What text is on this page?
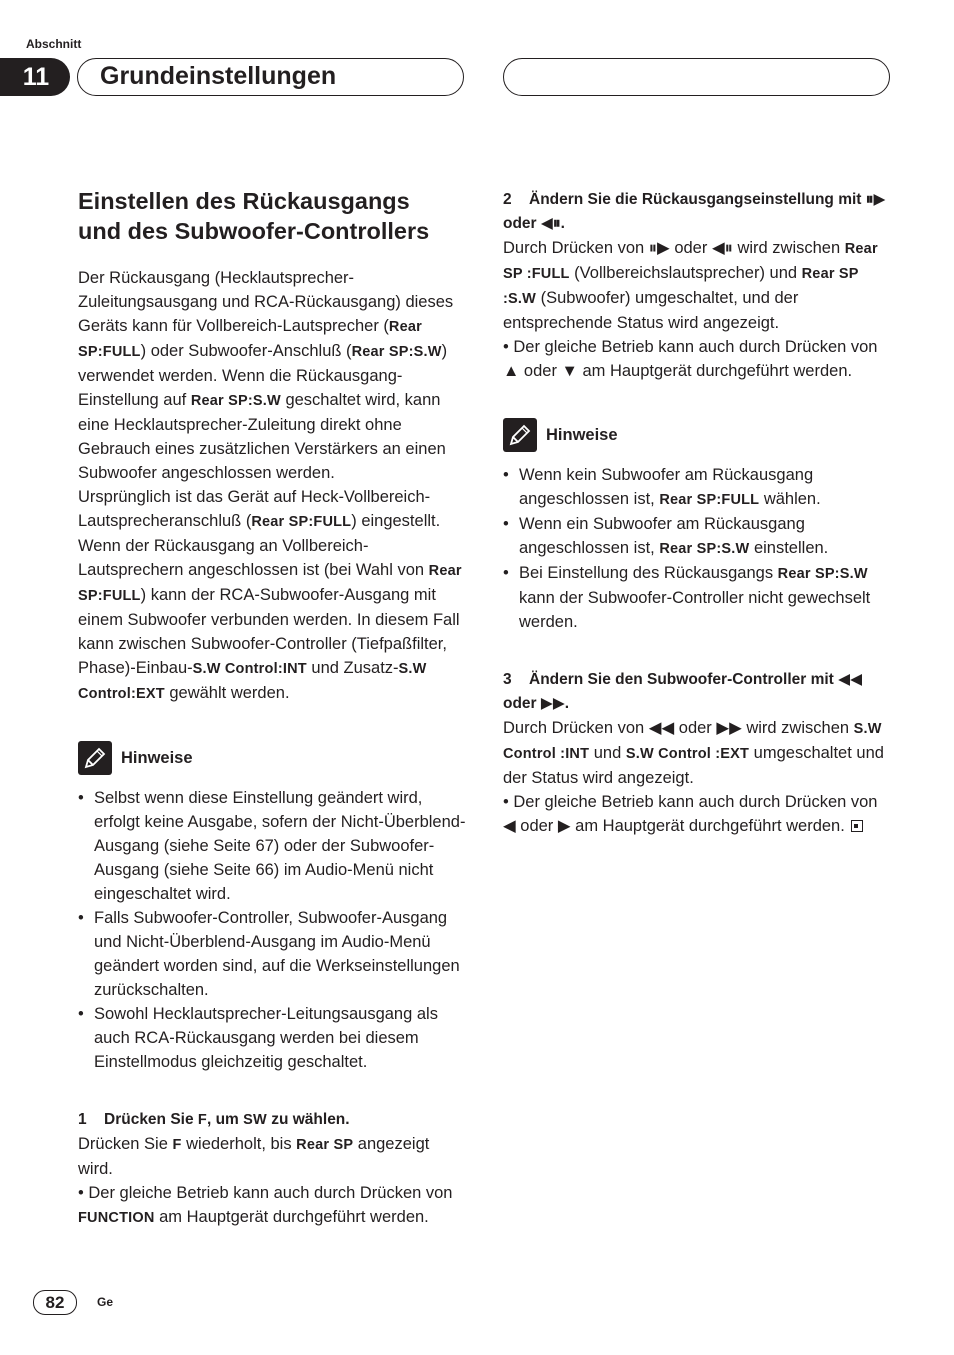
Abschnitt
11	Grundeinstellungen
Einstellen des Rückausgangs
und des Subwoofer-Controllers

Der Rückausgang (Hecklautsprecher-Zuleitungsausgang und RCA-Rückausgang) dieses Geräts kann für Vollbereich-Lautsprecher (Rear SP:FULL) oder Subwoofer-Anschluß (Rear SP:S.W) verwendet werden. Wenn die Rückausgang-Einstellung auf Rear SP:S.W geschaltet wird, kann eine Hecklautsprecher-Zuleitung direkt ohne Gebrauch eines zusätzlichen Verstärkers an einen Subwoofer angeschlossen werden.

Ursprünglich ist das Gerät auf Heck-Vollbereich-Lautsprecheranschluß (Rear SP:FULL) eingestellt. Wenn der Rückausgang an Vollbereich-Lautsprechern angeschlossen ist (bei Wahl von Rear SP:FULL) kann der RCA-Subwoofer-Ausgang mit einem Subwoofer verbunden werden. In diesem Fall kann zwischen Subwoofer-Controller (Tiefpaßfilter, Phase)-Einbau-S.W Control:INT und Zusatz-S.W Control:EXT gewählt werden.

Hinweise
• Selbst wenn diese Einstellung geändert wird, erfolgt keine Ausgabe, sofern der Nicht-Überblend-Ausgang (siehe Seite 67) oder der Subwoofer-Ausgang (siehe Seite 66) im Audio-Menü nicht eingeschaltet wird.
• Falls Subwoofer-Controller, Subwoofer-Ausgang und Nicht-Überblend-Ausgang im Audio-Menü geändert worden sind, auf die Werkseinstellungen zurückschalten.
• Sowohl Hecklautsprecher-Leitungsausgang als auch RCA-Rückausgang werden bei diesem Einstellmodus gleichzeitig geschaltet.
1 Drücken Sie F, um SW zu wählen.

Drücken Sie F wiederholt, bis Rear SP angezeigt wird.

• Der gleiche Betrieb kann auch durch Drücken von FUNCTION am Hauptgerät durchgeführt werden.

2 Ändern Sie die Rückausgangseinstellung mit ⏸▶ oder ◀⏸.

Durch Drücken von ⏸▶ oder ◀⏸ wird zwischen Rear SP :FULL (Vollbereichslautsprecher) und Rear SP :S.W (Subwoofer) umgeschaltet, und der entsprechende Status wird angezeigt.

• Der gleiche Betrieb kann auch durch Drücken von ▲ oder ▼ am Hauptgerät durchgeführt werden.

Hinweise
• Wenn kein Subwoofer am Rückausgang angeschlossen ist, Rear SP:FULL wählen.
• Wenn ein Subwoofer am Rückausgang angeschlossen ist, Rear SP:S.W einstellen.
• Bei Einstellung des Rückausgangs Rear SP:S.W kann der Subwoofer-Controller nicht gewechselt werden.
3 Ändern Sie den Subwoofer-Controller mit ◀◀ oder ▶▶.

Durch Drücken von ◀◀ oder ▶▶ wird zwischen S.W Control :INT und S.W Control :EXT umgeschaltet und der Status wird angezeigt.

• Der gleiche Betrieb kann auch durch Drücken von ◀ oder ▶ am Hauptgerät durchgeführt werden.

82	Ge
